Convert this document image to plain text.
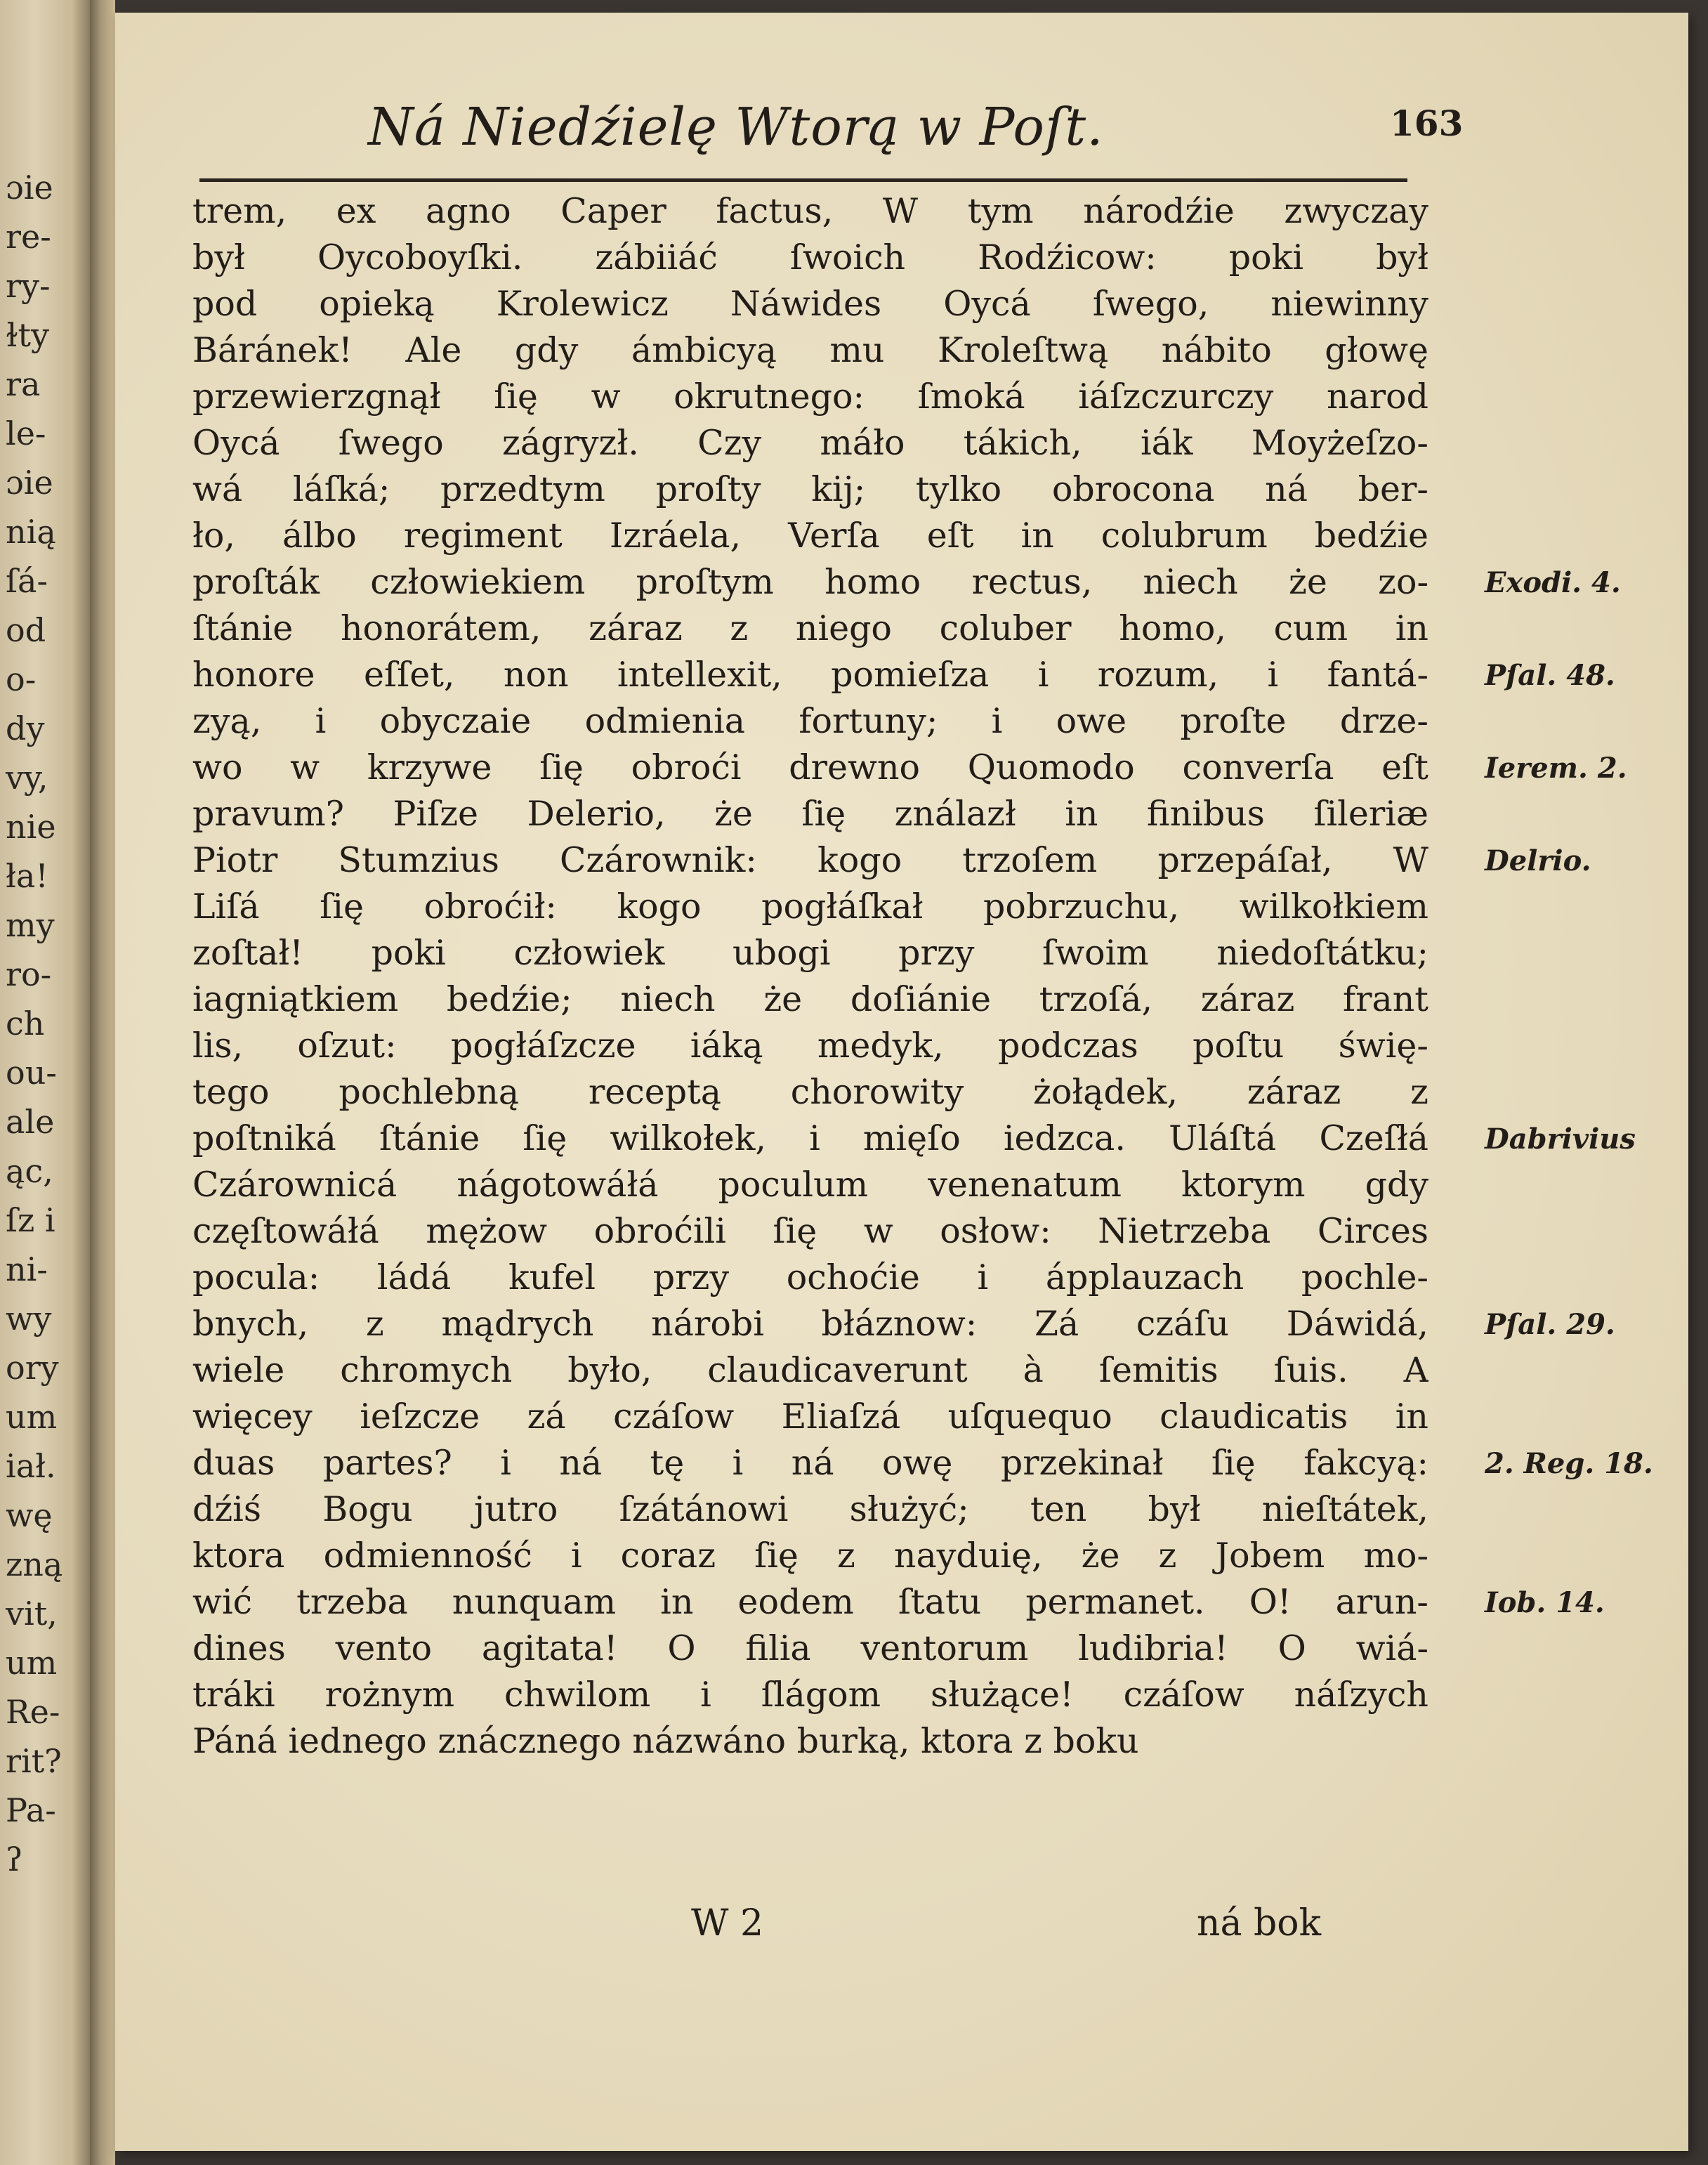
ɔie
re-
ry-
ɫty
ra
le-
ɔie
nią
ſá-
od
o-
dy
vy,
nie
ła!
my
ro-
ch
ou-
ale
ąc,
ſz i
ni-
wy
ory
um
iał.
wę
zną
vit,
um
Re-
rit?
Pa-
ʔ
Ná Niedźielę Wtorą w Poſt.	163
trem, ex agno Caper factus, W tym národźie zwyczay
był Oycoboyſki. zábiiáć ſwoich Rodźicow: poki był
pod opieką Krolewicz Náwides Oycá ſwego, niewinny
Báránek! Ale gdy ámbicyą mu Kroleſtwą nábito głowę
przewierzgnął ſię w okrutnego: ſmoká iáſzczurczy narod
Oycá ſwego zágryzł. Czy máło tákich, iák Moyżeſzo-
wá láſká; przedtym proſty kij; tylko obrocona ná ber-
ło, álbo regiment Izráela, Verſa eſt in colubrum bedźie
proſták człowiekiem proſtym homo rectus, niech że zo-
ſtánie honorátem, záraz z niego coluber homo, cum in
honore eſſet, non intellexit, pomieſza i rozum, i fantá-
zyą, i obyczaie odmienia fortuny; i owe proſte drze-
wo w krzywe ſię obroći drewno Quomodo converſa eſt
pravum? Piſze Delerio, że ſię ználazł in finibus ſileriæ
Piotr Stumzius Czárownik: kogo trzoſem przepáſał, W
Liſá ſię obroćił: kogo pogłáſkał pobrzuchu, wilkołkiem
zoſtał! poki człowiek ubogi przy ſwoim niedoſtátku;
iagniątkiem bedźie; niech że doſiánie trzoſá, záraz frant
lis, oſzut: pogłáſzcze iáką medyk, podczas poſtu świę-
tego pochlebną receptą chorowity żołądek, záraz z
poſtniká ſtánie ſię wilkołek, i mięſo iedzca. Uláſtá Czeſłá
Czárownicá nágotowáłá poculum venenatum ktorym gdy
częſtowáłá mężow obroćili ſię w osłow: Nietrzeba Circes
pocula: ládá kufel przy ochoćie i ápplauzach pochle-
bnych, z mądrych nárobi błáznow: Zá czáſu Dáwidá,
wiele chromych było, claudicaverunt à ſemitis ſuis. A
więcey ieſzcze zá czáſow Eliaſzá uſquequo claudicatis in
duas partes? i ná tę i ná owę przekinał ſię fakcyą:
dźiś Bogu jutro ſzátánowi służyć; ten był nieſtátek,
ktora odmienność i coraz ſię z nayduię, że z Jobem mo-
wić trzeba nunquam in eodem ſtatu permanet. O! arun-
dines vento agitata! O filia ventorum ludibria! O wiá-
tráki rożnym chwilom i ſlágom służące! czáſow náſzych
Páná iednego znácznego názwáno burką, ktora z boku
Exodi. 4.
Pſal. 48.
Ierem. 2.
Delrio.
Dabrivius
Pſal. 29.
2. Reg. 18.
Iob. 14.
W 2	ná bok
